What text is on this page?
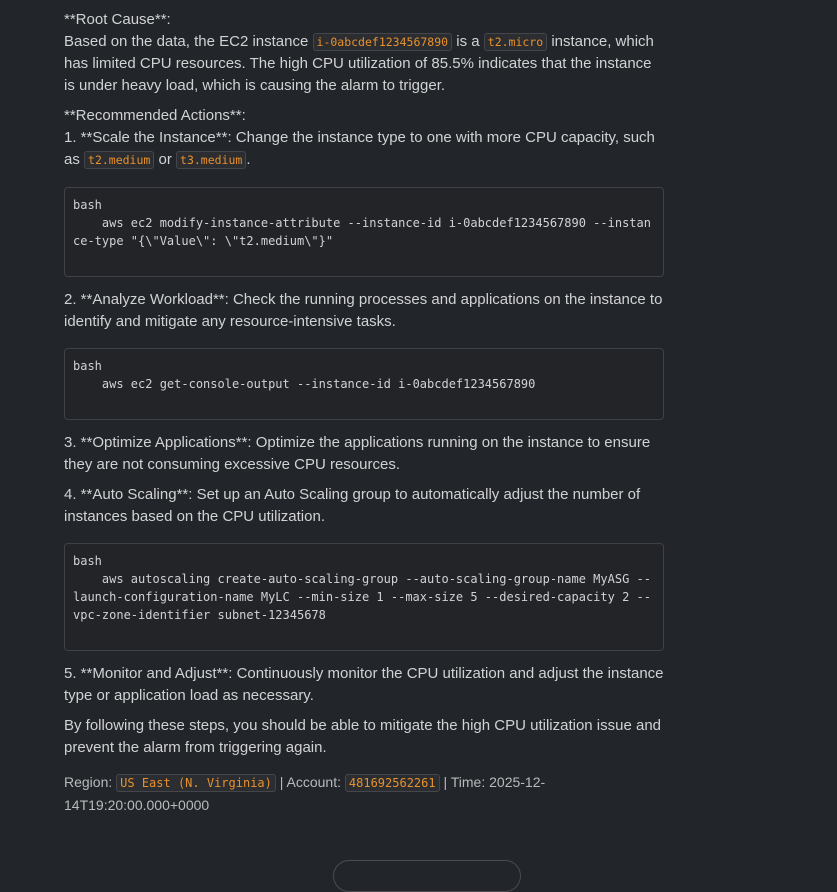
**Root Cause**:

Based on the data, the EC2 instance i-0abcdef1234567890 is a t2.micro instance, which has limited CPU resources. The high CPU utilization of 85.5% indicates that the instance is under heavy load, which is causing the alarm to trigger.

**Recommended Actions**:

1. **Scale the Instance**: Change the instance type to one with more CPU capacity, such as t2.medium or t3.medium .

bash
aws ec2 modify-instance-attribute --instance-id i-0abcdef1234567890 --instance-type "{\"Value\": \"t2.medium\"}"

2. **Analyze Workload**: Check the running processes and applications on the instance to identify and mitigate any resource-intensive tasks.

bash
aws ec2 get-console-output --instance-id i-0abcdef1234567890

3. **Optimize Applications**: Optimize the applications running on the instance to ensure they are not consuming excessive CPU resources.

4. **Auto Scaling**: Set up an Auto Scaling group to automatically adjust the number of instances based on the CPU utilization.

bash
aws autoscaling create-auto-scaling-group --auto-scaling-group-name MyASG --launch-configuration-name MyLC --min-size 1 --max-size 5 --desired-capacity 2 --vpc-zone-identifier subnet-12345678

5. **Monitor and Adjust**: Continuously monitor the CPU utilization and adjust the instance type or application load as necessary.

By following these steps, you should be able to mitigate the high CPU utilization issue and prevent the alarm from triggering again.

Region: US East (N. Virginia) | Account: 481692562261 | Time: 2025-12-14T19:20:00.000+0000
